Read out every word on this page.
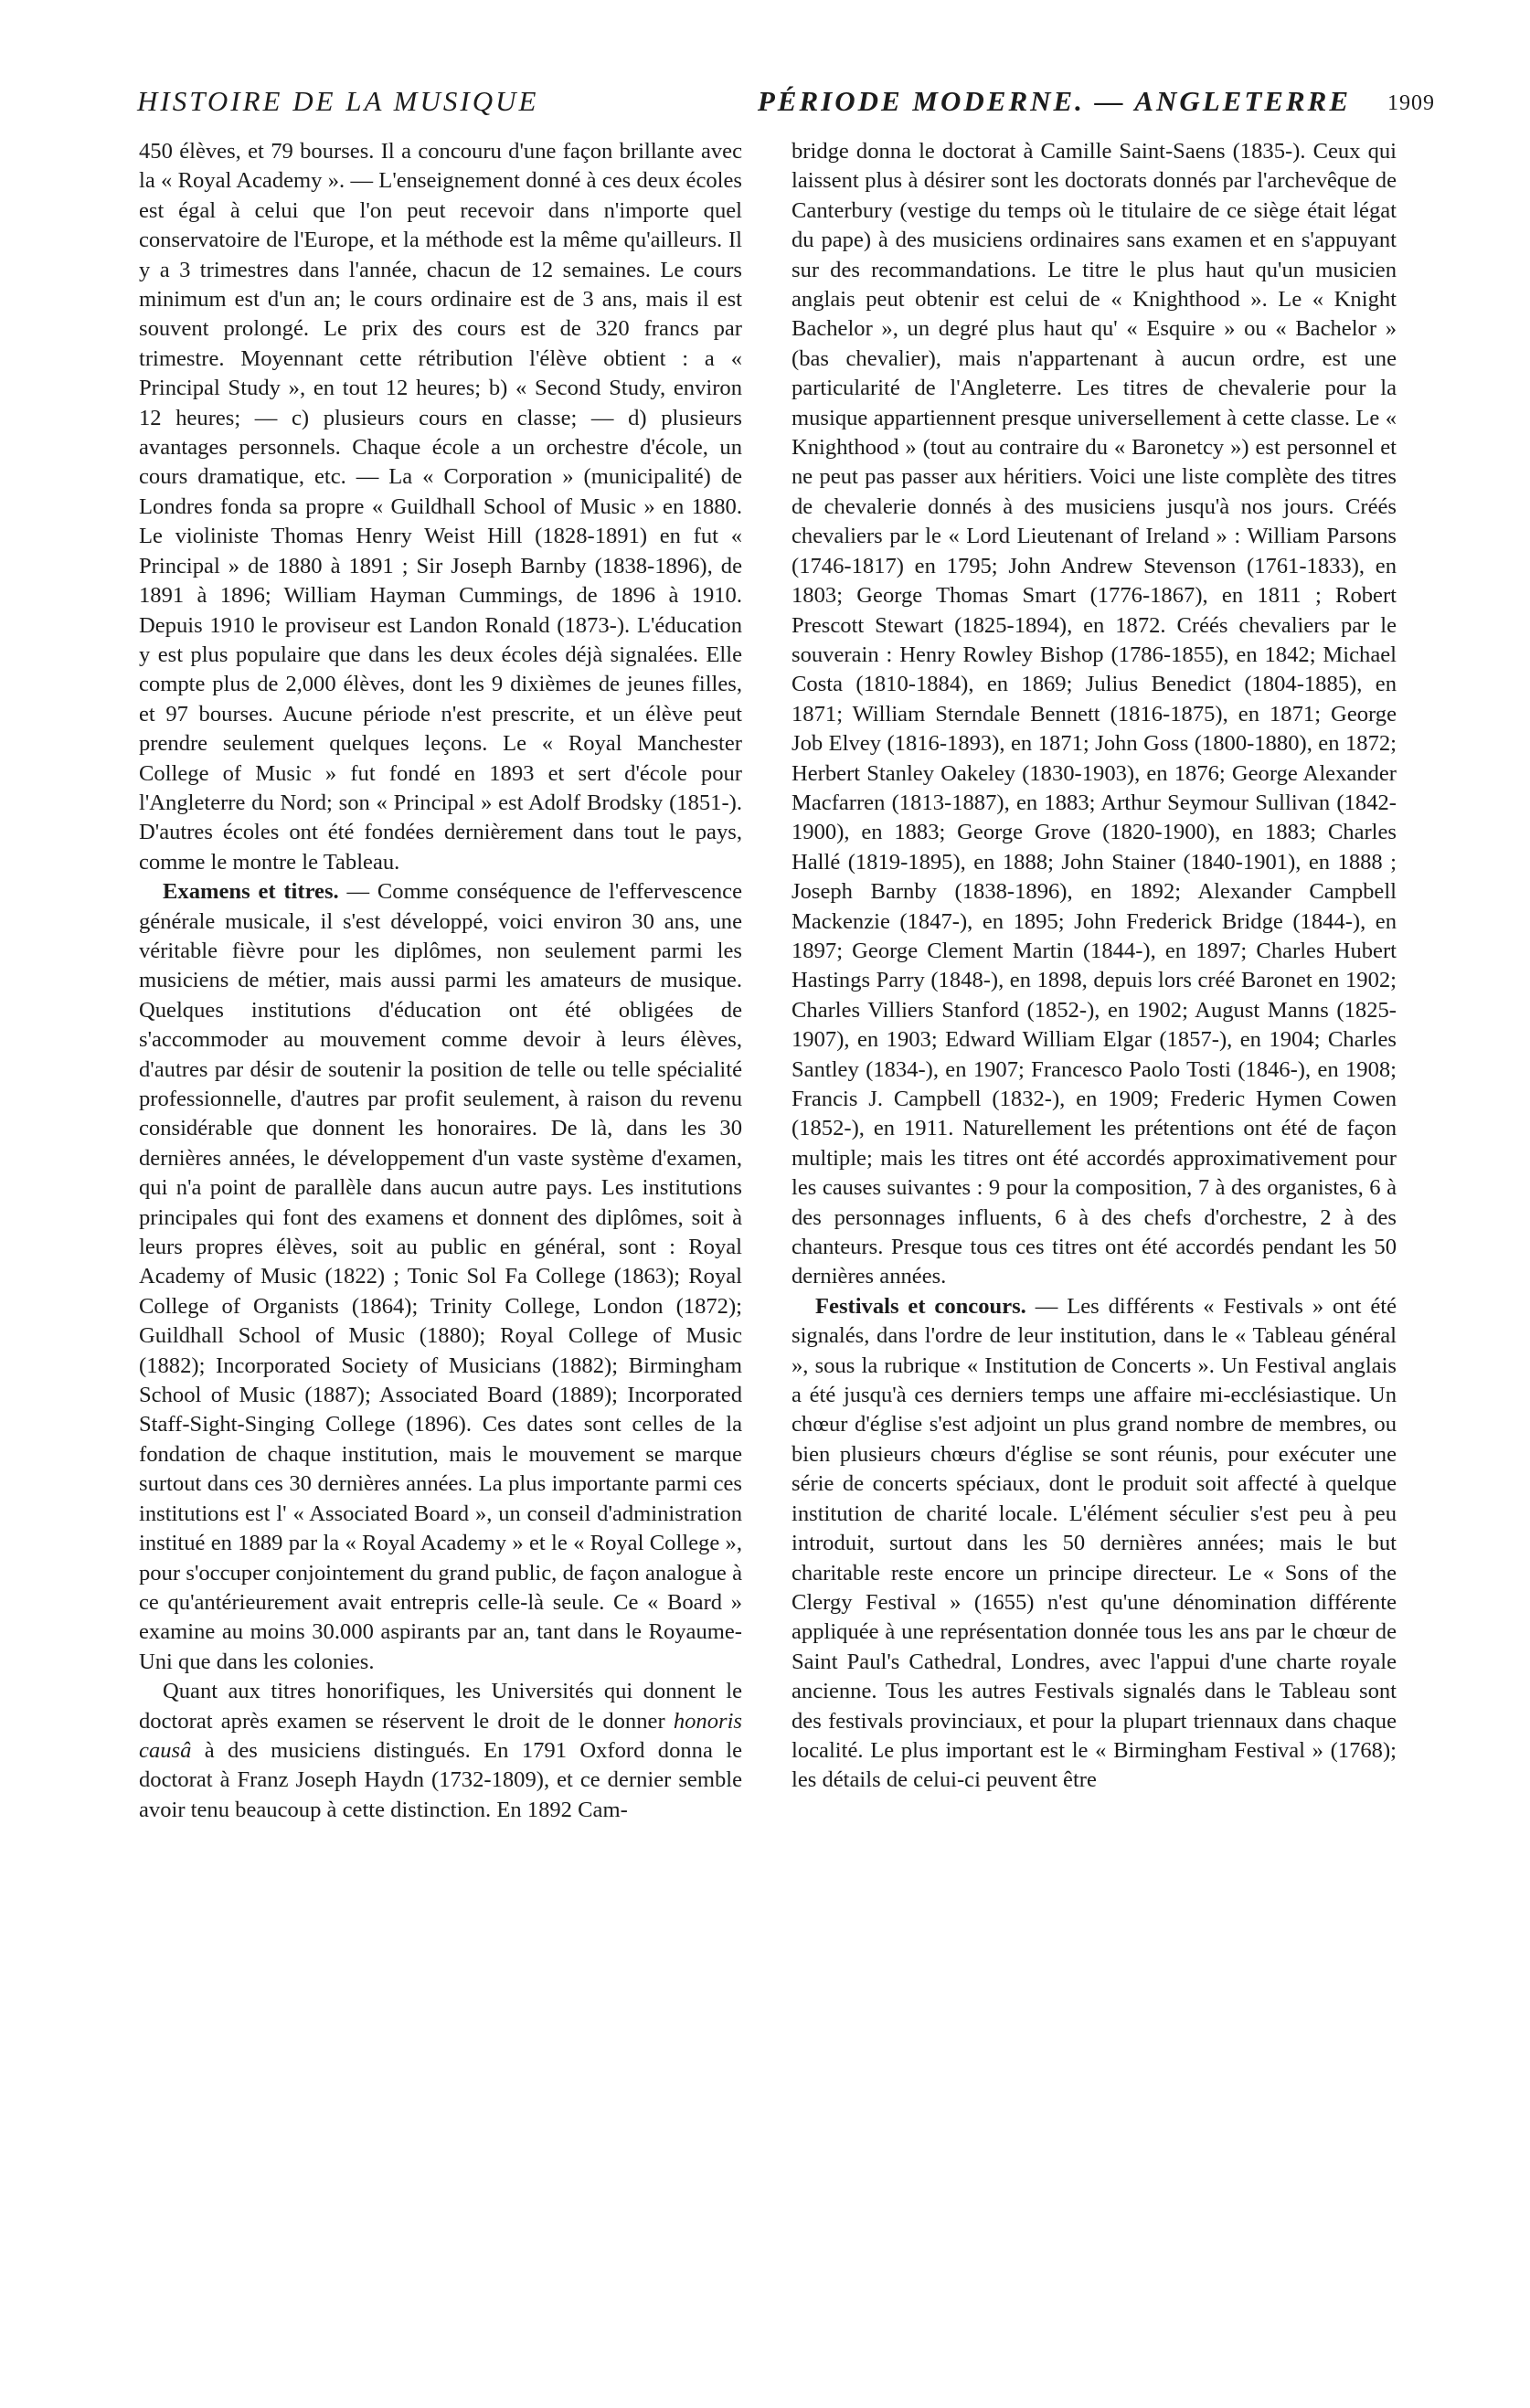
HISTOIRE DE LA MUSIQUE	PÉRIODE MODERNE. — ANGLETERRE 1909

450 élèves, et 79 bourses. Il a concouru d'une façon brillante avec la « Royal Academy ». — L'enseignement donné à ces deux écoles est égal à celui que l'on peut recevoir dans n'importe quel conservatoire de l'Europe, et la méthode est la même qu'ailleurs. Il y a 3 trimestres dans l'année, chacun de 12 semaines. Le cours minimum est d'un an; le cours ordinaire est de 3 ans, mais il est souvent prolongé. Le prix des cours est de 320 francs par trimestre. Moyennant cette rétribution l'élève obtient : a « Principal Study », en tout 12 heures; b) « Second Study, environ 12 heures; — c) plusieurs cours en classe; — d) plusieurs avantages personnels. Chaque école a un orchestre d'école, un cours dramatique, etc. — La « Corporation » (municipalité) de Londres fonda sa propre « Guildhall School of Music » en 1880. Le violiniste Thomas Henry Weist Hill (1828-1891) en fut « Principal » de 1880 à 1891 ; Sir Joseph Barnby (1838-1896), de 1891 à 1896; William Hayman Cummings, de 1896 à 1910. Depuis 1910 le proviseur est Landon Ronald (1873-). L'éducation y est plus populaire que dans les deux écoles déjà signalées. Elle compte plus de 2,000 élèves, dont les 9 dixièmes de jeunes filles, et 97 bourses. Aucune période n'est prescrite, et un élève peut prendre seulement quelques leçons. Le « Royal Manchester College of Music » fut fondé en 1893 et sert d'école pour l'Angleterre du Nord; son « Principal » est Adolf Brodsky (1851-). D'autres écoles ont été fondées dernièrement dans tout le pays, comme le montre le Tableau.

Examens et titres. — Comme conséquence de l'effervescence générale musicale, il s'est développé, voici environ 30 ans, une véritable fièvre pour les diplômes, non seulement parmi les musiciens de métier, mais aussi parmi les amateurs de musique. Quelques institutions d'éducation ont été obligées de s'accommoder au mouvement comme devoir à leurs élèves, d'autres par désir de soutenir la position de telle ou telle spécialité professionnelle, d'autres par profit seulement, à raison du revenu considérable que donnent les honoraires. De là, dans les 30 dernières années, le développement d'un vaste système d'examen, qui n'a point de parallèle dans aucun autre pays. Les institutions principales qui font des examens et donnent des diplômes, soit à leurs propres élèves, soit au public en général, sont : Royal Academy of Music (1822) ; Tonic Sol Fa College (1863); Royal College of Organists (1864); Trinity College, London (1872); Guildhall School of Music (1880); Royal College of Music (1882); Incorporated Society of Musicians (1882); Birmingham School of Music (1887); Associated Board (1889); Incorporated Staff-Sight-Singing College (1896). Ces dates sont celles de la fondation de chaque institution, mais le mouvement se marque surtout dans ces 30 dernières années. La plus importante parmi ces institutions est l' « Associated Board », un conseil d'administration institué en 1889 par la « Royal Academy » et le « Royal College », pour s'occuper conjointement du grand public, de façon analogue à ce qu'antérieurement avait entrepris celle-là seule. Ce « Board » examine au moins 30.000 aspirants par an, tant dans le Royaume-Uni que dans les colonies.

Quant aux titres honorifiques, les Universités qui donnent le doctorat après examen se réservent le droit de le donner honoris causâ à des musiciens distingués. En 1791 Oxford donna le doctorat à Franz Joseph Haydn (1732-1809), et ce dernier semble avoir tenu beaucoup à cette distinction. En 1892 Cam-

bridge donna le doctorat à Camille Saint-Saens (1835-). Ceux qui laissent plus à désirer sont les doctorats donnés par l'archevêque de Canterbury (vestige du temps où le titulaire de ce siège était légat du pape) à des musiciens ordinaires sans examen et en s'appuyant sur des recommandations. Le titre le plus haut qu'un musicien anglais peut obtenir est celui de « Knighthood ». Le « Knight Bachelor », un degré plus haut qu' « Esquire » ou « Bachelor » (bas chevalier), mais n'appartenant à aucun ordre, est une particularité de l'Angleterre. Les titres de chevalerie pour la musique appartiennent presque universellement à cette classe. Le « Knighthood » (tout au contraire du « Baronetcy ») est personnel et ne peut pas passer aux héritiers. Voici une liste complète des titres de chevalerie donnés à des musiciens jusqu'à nos jours. Créés chevaliers par le « Lord Lieutenant of Ireland » : William Parsons (1746-1817) en 1795; John Andrew Stevenson (1761-1833), en 1803; George Thomas Smart (1776-1867), en 1811 ; Robert Prescott Stewart (1825-1894), en 1872. Créés chevaliers par le souverain : Henry Rowley Bishop (1786-1855), en 1842; Michael Costa (1810-1884), en 1869; Julius Benedict (1804-1885), en 1871; William Sterndale Bennett (1816-1875), en 1871; George Job Elvey (1816-1893), en 1871; John Goss (1800-1880), en 1872; Herbert Stanley Oakeley (1830-1903), en 1876; George Alexander Macfarren (1813-1887), en 1883; Arthur Seymour Sullivan (1842-1900), en 1883; George Grove (1820-1900), en 1883; Charles Hallé (1819-1895), en 1888; John Stainer (1840-1901), en 1888 ; Joseph Barnby (1838-1896), en 1892; Alexander Campbell Mackenzie (1847-), en 1895; John Frederick Bridge (1844-), en 1897; George Clement Martin (1844-), en 1897; Charles Hubert Hastings Parry (1848-), en 1898, depuis lors créé Baronet en 1902; Charles Villiers Stanford (1852-), en 1902; August Manns (1825-1907), en 1903; Edward William Elgar (1857-), en 1904; Charles Santley (1834-), en 1907; Francesco Paolo Tosti (1846-), en 1908; Francis J. Campbell (1832-), en 1909; Frederic Hymen Cowen (1852-), en 1911. Naturellement les prétentions ont été de façon multiple; mais les titres ont été accordés approximativement pour les causes suivantes : 9 pour la composition, 7 à des organistes, 6 à des personnages influents, 6 à des chefs d'orchestre, 2 à des chanteurs. Presque tous ces titres ont été accordés pendant les 50 dernières années.

Festivals et concours. — Les différents « Festivals » ont été signalés, dans l'ordre de leur institution, dans le « Tableau général », sous la rubrique « Institution de Concerts ». Un Festival anglais a été jusqu'à ces derniers temps une affaire mi-ecclésiastique. Un chœur d'église s'est adjoint un plus grand nombre de membres, ou bien plusieurs chœurs d'église se sont réunis, pour exécuter une série de concerts spéciaux, dont le produit soit affecté à quelque institution de charité locale. L'élément séculier s'est peu à peu introduit, surtout dans les 50 dernières années; mais le but charitable reste encore un principe directeur. Le « Sons of the Clergy Festival » (1655) n'est qu'une dénomination différente appliquée à une représentation donnée tous les ans par le chœur de Saint Paul's Cathedral, Londres, avec l'appui d'une charte royale ancienne. Tous les autres Festivals signalés dans le Tableau sont des festivals provinciaux, et pour la plupart triennaux dans chaque localité. Le plus important est le « Birmingham Festival » (1768); les détails de celui-ci peuvent être
